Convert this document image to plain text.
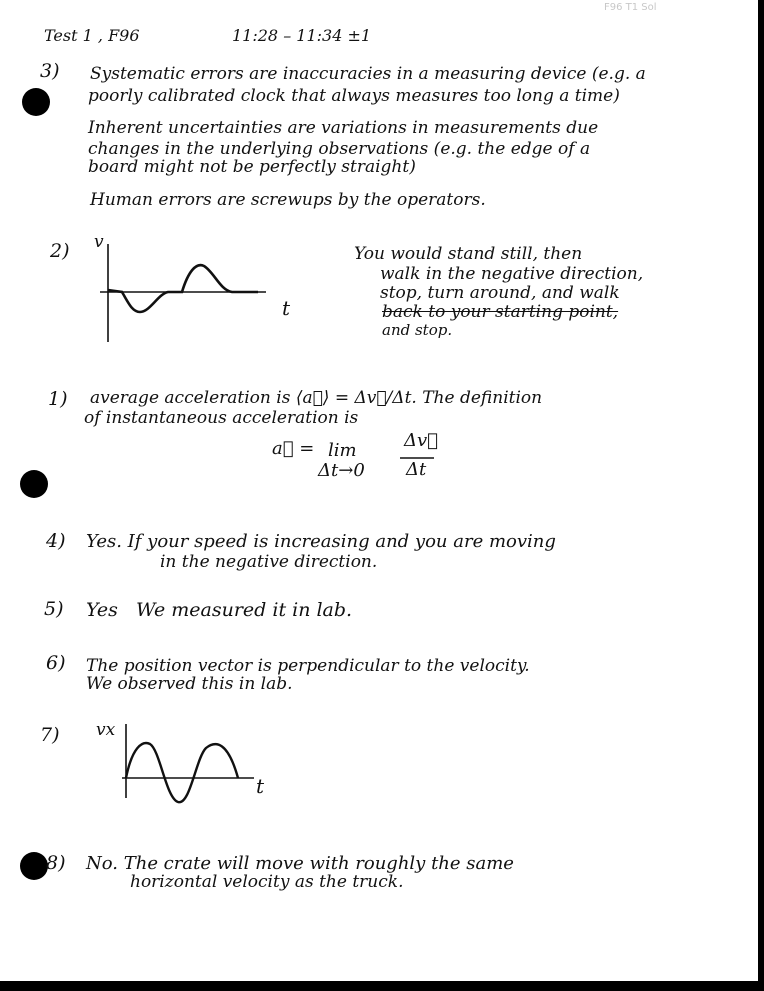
F96 T1 Sol
Test 1 , F96	11:28 – 11:34 ±1
3) Systematic errors are inaccuracies in a measuring device (e.g. a
poorly calibrated clock that always measures too long a time)
Inherent uncertainties are variations in measurements due
changes in the underlying observations (e.g. the edge of a
board might not be perfectly straight)
Human errors are screwups by the operators.
2) v
t
You would stand still, then
walk in the negative direction,
stop, turn around, and walk
back to your starting point,
and stop.
1) average acceleration is ⟨a⃗⟩ = Δv⃗/Δt. The definition
of instantaneous acceleration is
a⃗ = lim
Δt→0
Δv⃗
Δt
4) Yes. If your speed is increasing and you are moving
in the negative direction.
5) Yes   We measured it in lab.
6) The position vector is perpendicular to the velocity.
We observed this in lab.
7) vx
t
8) No. The crate will move with roughly the same
horizontal velocity as the truck.
